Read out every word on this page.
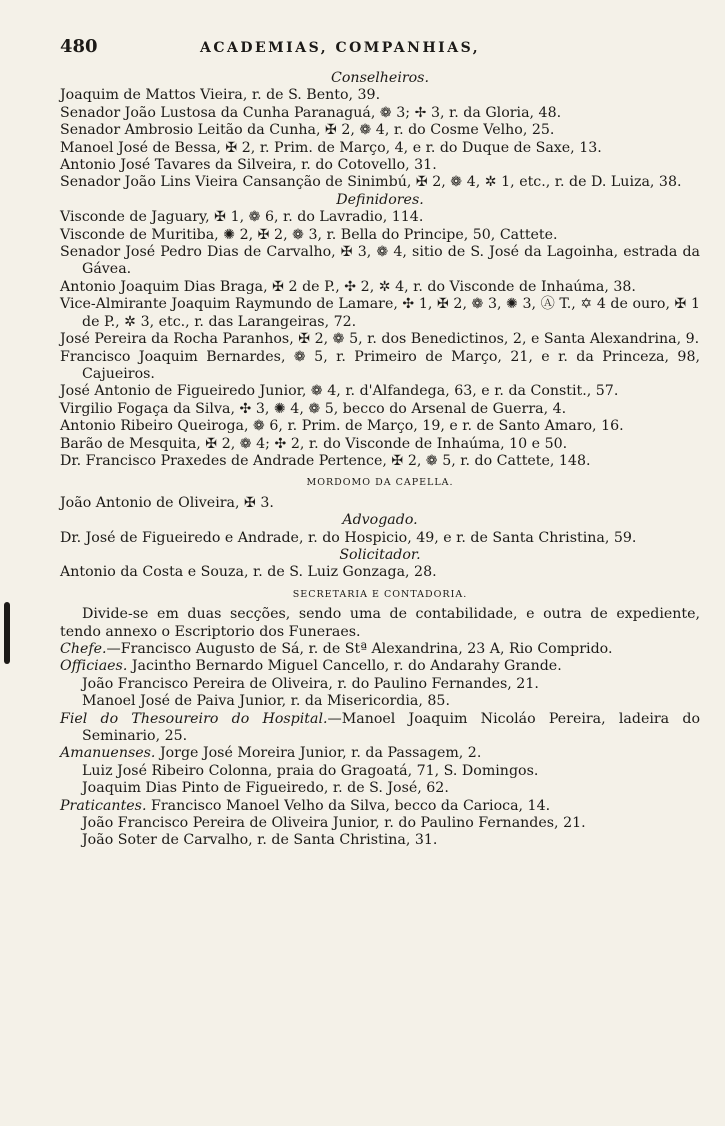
480	ACADEMIAS, COMPANHIAS,

Conselheiros.

Joaquim de Mattos Vieira, r. de S. Bento, 39.

Senador João Lustosa da Cunha Paranaguá, ❁ 3; ✢ 3, r. da Gloria, 48.

Senador Ambrosio Leitão da Cunha, ✠ 2, ❁ 4, r. do Cosme Velho, 25.

Manoel José de Bessa, ✠ 2, r. Prim. de Março, 4, e r. do Duque de Saxe, 13.

Antonio José Tavares da Silveira, r. do Cotovello, 31.

Senador João Lins Vieira Cansanção de Sinimbú, ✠ 2, ❁ 4, ✲ 1, etc., r. de D. Luiza, 38.

Definidores.

Visconde de Jaguary, ✠ 1, ❁ 6, r. do Lavradio, 114.

Visconde de Muritiba, ✺ 2, ✠ 2, ❁ 3, r. Bella do Principe, 50, Cattete.

Senador José Pedro Dias de Carvalho, ✠ 3, ❁ 4, sitio de S. José da Lagoinha, estrada da Gávea.

Antonio Joaquim Dias Braga, ✠ 2 de P., ✣ 2, ✲ 4, r. do Visconde de Inhaúma, 38.

Vice-Almirante Joaquim Raymundo de Lamare, ✣ 1, ✠ 2, ❁ 3, ✺ 3, Ⓐ T., ✡ 4 de ouro, ✠ 1 de P., ✲ 3, etc., r. das Larangeiras, 72.

José Pereira da Rocha Paranhos, ✠ 2, ❁ 5, r. dos Benedictinos, 2, e Santa Alexandrina, 9.

Francisco Joaquim Bernardes, ❁ 5, r. Primeiro de Março, 21, e r. da Princeza, 98, Cajueiros.

José Antonio de Figueiredo Junior, ❁ 4, r. d'Alfandega, 63, e r. da Constit., 57.

Virgilio Fogaça da Silva, ✣ 3, ✺ 4, ❁ 5, becco do Arsenal de Guerra, 4.

Antonio Ribeiro Queiroga, ❁ 6, r. Prim. de Março, 19, e r. de Santo Amaro, 16.

Barão de Mesquita, ✠ 2, ❁ 4; ✣ 2, r. do Visconde de Inhaúma, 10 e 50.

Dr. Francisco Praxedes de Andrade Pertence, ✠ 2, ❁ 5, r. do Cattete, 148.

MORDOMO DA CAPELLA.

João Antonio de Oliveira, ✠ 3.

Advogado.

Dr. José de Figueiredo e Andrade, r. do Hospicio, 49, e r. de Santa Christina, 59.

Solicitador.

Antonio da Costa e Souza, r. de S. Luiz Gonzaga, 28.

SECRETARIA E CONTADORIA.

Divide-se em duas secções, sendo uma de contabilidade, e outra de expediente, tendo annexo o Escriptorio dos Funeraes.

Chefe.—Francisco Augusto de Sá, r. de Stª Alexandrina, 23 A, Rio Comprido.

Officiaes. Jacintho Bernardo Miguel Cancello, r. do Andarahy Grande.

João Francisco Pereira de Oliveira, r. do Paulino Fernandes, 21.

Manoel José de Paiva Junior, r. da Misericordia, 85.

Fiel do Thesoureiro do Hospital.—Manoel Joaquim Nicoláo Pereira, ladeira do Seminario, 25.

Amanuenses. Jorge José Moreira Junior, r. da Passagem, 2.

Luiz José Ribeiro Colonna, praia do Gragoatá, 71, S. Domingos.

Joaquim Dias Pinto de Figueiredo, r. de S. José, 62.

Praticantes. Francisco Manoel Velho da Silva, becco da Carioca, 14.

João Francisco Pereira de Oliveira Junior, r. do Paulino Fernandes, 21.

João Soter de Carvalho, r. de Santa Christina, 31.
